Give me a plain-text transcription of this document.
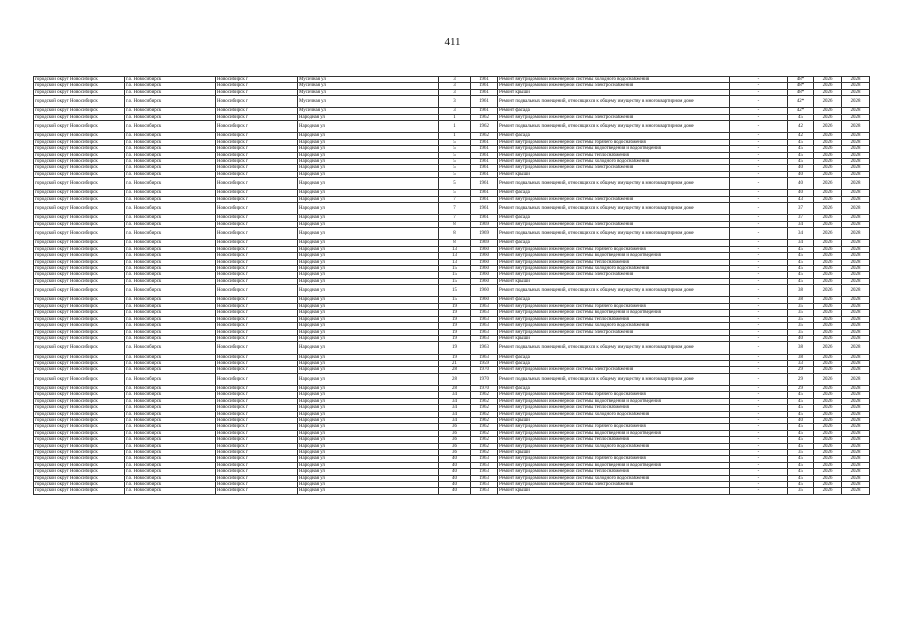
411
городской округ Новосибирск	г.о. Новосибирск	Новосибирск г	Мусичная ул	3	1961	Ремонт внутридомовой инженерной системы холодного водоснабжения	-	48*	2026	2028
городской округ Новосибирск	г.о. Новосибирск	Новосибирск г	Мусичная ул	3	1961	Ремонт внутридомовой инженерной системы электроснабжения	-	48*	2026	2028
городской округ Новосибирск	г.о. Новосибирск	Новосибирск г	Мусичная ул	3	1961	Ремонт крыши	-	48*	2026	2028
городской округ Новосибирск	г.о. Новосибирск	Новосибирск г	Мусичная ул	3	1961	Ремонт подвальных помещений, относящихся к общему имуществу в многоквартирном доме	-	42*	2026	2028
городской округ Новосибирск	г.о. Новосибирск	Новосибирск г	Мусичная ул	3	1961	Ремонт фасада	-	42*	2026	2028
городской округ Новосибирск	г.о. Новосибирск	Новосибирск г	Народная ул	1	1962	Ремонт внутридомовой инженерной системы электроснабжения	-	45	2026	2028
городской округ Новосибирск	г.о. Новосибирск	Новосибирск г	Народная ул	1	1962	Ремонт подвальных помещений, относящихся к общему имуществу в многоквартирном доме	-	42	2026	2028
городской округ Новосибирск	г.о. Новосибирск	Новосибирск г	Народная ул	1	1962	Ремонт фасада	-	42	2026	2028
городской округ Новосибирск	г.о. Новосибирск	Новосибирск г	Народная ул	5	1961	Ремонт внутридомовой инженерной системы горячего водоснабжения	-	45	2026	2028
городской округ Новосибирск	г.о. Новосибирск	Новосибирск г	Народная ул	5	1961	Ремонт внутридомовой инженерной системы водоотведения и водоотведения	-	45	2026	2028
городской округ Новосибирск	г.о. Новосибирск	Новосибирск г	Народная ул	5	1961	Ремонт внутридомовой инженерной системы теплоснабжения	-	45	2026	2028
городской округ Новосибирск	г.о. Новосибирск	Новосибирск г	Народная ул	5	1961	Ремонт внутридомовой инженерной системы холодного водоснабжения	-	45	2026	2028
городской округ Новосибирск	г.о. Новосибирск	Новосибирск г	Народная ул	5	1961	Ремонт внутридомовой инженерной системы электроснабжения	-	40	2026	2028
городской округ Новосибирск	г.о. Новосибирск	Новосибирск г	Народная ул	5	1961	Ремонт крыши	-	40	2026	2028
городской округ Новосибирск	г.о. Новосибирск	Новосибирск г	Народная ул	5	1961	Ремонт подвальных помещений, относящихся к общему имуществу в многоквартирном доме	-	40	2026	2028
городской округ Новосибирск	г.о. Новосибирск	Новосибирск г	Народная ул	5	1961	Ремонт фасада	-	40	2026	2028
городской округ Новосибирск	г.о. Новосибирск	Новосибирск г	Народная ул	7	1961	Ремонт внутридомовой инженерной системы электроснабжения	-	43	2026	2028
городской округ Новосибирск	г.о. Новосибирск	Новосибирск г	Народная ул	7	1961	Ремонт подвальных помещений, относящихся к общему имуществу в многоквартирном доме	-	37	2026	2028
городской округ Новосибирск	г.о. Новосибирск	Новосибирск г	Народная ул	7	1961	Ремонт фасада	-	37	2026	2028
городской округ Новосибирск	г.о. Новосибирск	Новосибирск г	Народная ул	8	1969	Ремонт внутридомовой инженерной системы электроснабжения	-	34	2026	2028
городской округ Новосибирск	г.о. Новосибирск	Новосибирск г	Народная ул	8	1969	Ремонт подвальных помещений, относящихся к общему имуществу в многоквартирном доме	-	34	2026	2028
городской округ Новосибирск	г.о. Новосибирск	Новосибирск г	Народная ул	8	1969	Ремонт фасада	-	34	2026	2028
городской округ Новосибирск	г.о. Новосибирск	Новосибирск г	Народная ул	13	1960	Ремонт внутридомовой инженерной системы горячего водоснабжения	-	45	2026	2028
городской округ Новосибирск	г.о. Новосибирск	Новосибирск г	Народная ул	13	1960	Ремонт внутридомовой инженерной системы водоотведения и водоотведения	-	45	2026	2028
городской округ Новосибирск	г.о. Новосибирск	Новосибирск г	Народная ул	13	1960	Ремонт внутридомовой инженерной системы теплоснабжения	-	45	2026	2028
городской округ Новосибирск	г.о. Новосибирск	Новосибирск г	Народная ул	15	1960	Ремонт внутридомовой инженерной системы холодного водоснабжения	-	45	2026	2028
городской округ Новосибирск	г.о. Новосибирск	Новосибирск г	Народная ул	15	1960	Ремонт внутридомовой инженерной системы электроснабжения	-	45	2026	2028
городской округ Новосибирск	г.о. Новосибирск	Новосибирск г	Народная ул	15	1960	Ремонт крыши	-	45	2026	2028
городской округ Новосибирск	г.о. Новосибирск	Новосибирск г	Народная ул	15	1960	Ремонт подвальных помещений, относящихся к общему имуществу в многоквартирном доме	-	38	2026	2028
городской округ Новосибирск	г.о. Новосибирск	Новосибирск г	Народная ул	15	1960	Ремонт фасада	-	38	2026	2028
городской округ Новосибирск	г.о. Новосибирск	Новосибирск г	Народная ул	19	1963	Ремонт внутридомовой инженерной системы горячего водоснабжения	-	35	2026	2028
городской округ Новосибирск	г.о. Новосибирск	Новосибирск г	Народная ул	19	1963	Ремонт внутридомовой инженерной системы водоотведения и водоотведения	-	35	2026	2028
городской округ Новосибирск	г.о. Новосибирск	Новосибирск г	Народная ул	19	1963	Ремонт внутридомовой инженерной системы теплоснабжения	-	35	2026	2028
городской округ Новосибирск	г.о. Новосибирск	Новосибирск г	Народная ул	19	1963	Ремонт внутридомовой инженерной системы холодного водоснабжения	-	35	2026	2028
городской округ Новосибирск	г.о. Новосибирск	Новосибирск г	Народная ул	19	1963	Ремонт внутридомовой инженерной системы электроснабжения	-	35	2026	2028
городской округ Новосибирск	г.о. Новосибирск	Новосибирск г	Народная ул	19	1963	Ремонт крыши	-	40	2026	2028
городской округ Новосибирск	г.о. Новосибирск	Новосибирск г	Народная ул	19	1963	Ремонт подвальных помещений, относящихся к общему имуществу в многоквартирном доме	-	38	2026	2028
городской округ Новосибирск	г.о. Новосибирск	Новосибирск г	Народная ул	19	1963	Ремонт фасада	-	38	2026	2028
городской округ Новосибирск	г.о. Новосибирск	Новосибирск г	Народная ул	21	1959	Ремонт фасада	-	33	2026	2028
городской округ Новосибирск	г.о. Новосибирск	Новосибирск г	Народная ул	28	1970	Ремонт внутридомовой инженерной системы электроснабжения	-	29	2026	2028
городской округ Новосибирск	г.о. Новосибирск	Новосибирск г	Народная ул	28	1970	Ремонт подвальных помещений, относящихся к общему имуществу в многоквартирном доме	-	29	2026	2028
городской округ Новосибирск	г.о. Новосибирск	Новосибирск г	Народная ул	28	1970	Ремонт фасада	-	29	2026	2028
городской округ Новосибирск	г.о. Новосибирск	Новосибирск г	Народная ул	34	1962	Ремонт внутридомовой инженерной системы горячего водоснабжения	-	45	2026	2028
городской округ Новосибирск	г.о. Новосибирск	Новосибирск г	Народная ул	34	1962	Ремонт внутридомовой инженерной системы водоотведения и водоотведения	-	45	2026	2028
городской округ Новосибирск	г.о. Новосибирск	Новосибирск г	Народная ул	34	1962	Ремонт внутридомовой инженерной системы теплоснабжения	-	45	2026	2028
городской округ Новосибирск	г.о. Новосибирск	Новосибирск г	Народная ул	34	1962	Ремонт внутридомовой инженерной системы холодного водоснабжения	-	45	2026	2028
городской округ Новосибирск	г.о. Новосибирск	Новосибирск г	Народная ул	34	1962	Ремонт крыши	-	40	2026	2028
городской округ Новосибирск	г.о. Новосибирск	Новосибирск г	Народная ул	36	1962	Ремонт внутридомовой инженерной системы горячего водоснабжения	-	45	2026	2028
городской округ Новосибирск	г.о. Новосибирск	Новосибирск г	Народная ул	36	1962	Ремонт внутридомовой инженерной системы водоотведения и водоотведения	-	45	2026	2028
городской округ Новосибирск	г.о. Новосибирск	Новосибирск г	Народная ул	36	1962	Ремонт внутридомовой инженерной системы теплоснабжения	-	45	2026	2028
городской округ Новосибирск	г.о. Новосибирск	Новосибирск г	Народная ул	36	1962	Ремонт внутридомовой инженерной системы холодного водоснабжения	-	45	2026	2028
городской округ Новосибирск	г.о. Новосибирск	Новосибирск г	Народная ул	36	1962	Ремонт крыши	-	35	2026	2028
городской округ Новосибирск	г.о. Новосибирск	Новосибирск г	Народная ул	40	1963	Ремонт внутридомовой инженерной системы горячего водоснабжения	-	45	2026	2028
городской округ Новосибирск	г.о. Новосибирск	Новосибирск г	Народная ул	40	1963	Ремонт внутридомовой инженерной системы водоотведения и водоотведения	-	45	2026	2028
городской округ Новосибирск	г.о. Новосибирск	Новосибирск г	Народная ул	40	1963	Ремонт внутридомовой инженерной системы теплоснабжения	-	45	2026	2028
городской округ Новосибирск	г.о. Новосибирск	Новосибирск г	Народная ул	40	1963	Ремонт внутридомовой инженерной системы холодного водоснабжения	-	45	2026	2028
городской округ Новосибирск	г.о. Новосибирск	Новосибирск г	Народная ул	40	1963	Ремонт внутридомовой инженерной системы электроснабжения	-	45	2026	2028
городской округ Новосибирск	г.о. Новосибирск	Новосибирск г	Народная ул	40	1963	Ремонт крыши	-	35	2026	2028
